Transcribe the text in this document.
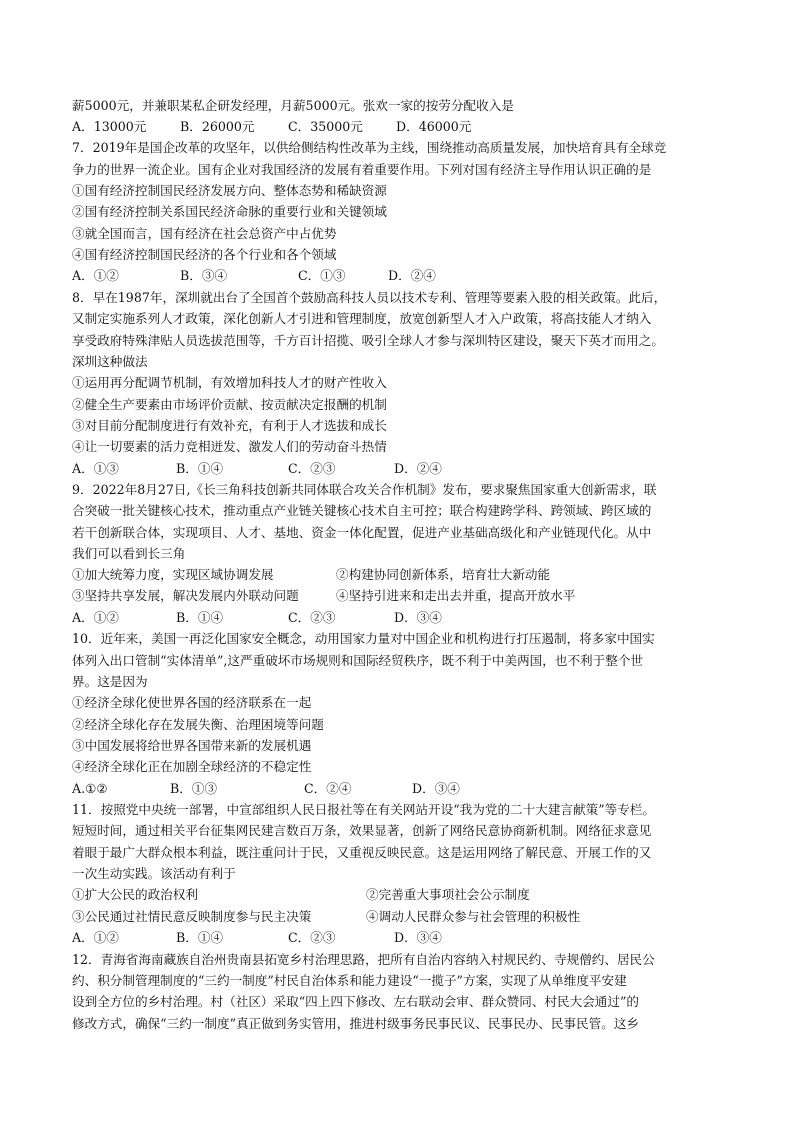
薪5000元，并兼职某私企研发经理，月薪5000元。张欢一家的按劳分配收入是
A．13000元	B．26000元	C．35000元	D．46000元
7．2019年是国企改革的攻坚年，以供给侧结构性改革为主线，围绕推动高质量发展，加快培育具有全球竞
争力的世界一流企业。国有企业对我国经济的发展有着重要作用。下列对国有经济主导作用认识正确的是
①国有经济控制国民经济发展方向、整体态势和稀缺资源
②国有经济控制关系国民经济命脉的重要行业和关键领域
③就全国而言，国有经济在社会总资产中占优势
④国有经济控制国民经济的各个行业和各个领域
A．①②	B．③④	C．①③	D．②④
8．早在1987年，深圳就出台了全国首个鼓励高科技人员以技术专利、管理等要素入股的相关政策。此后，
又制定实施系列人才政策，深化创新人才引进和管理制度，放宽创新型人才入户政策，将高技能人才纳入
享受政府特殊津贴人员选拔范围等，千方百计招揽、吸引全球人才参与深圳特区建设，聚天下英才而用之。
深圳这种做法
①运用再分配调节机制，有效增加科技人才的财产性收入
②健全生产要素由市场评价贡献、按贡献决定报酬的机制
③对目前分配制度进行有效补充，有利于人才选拔和成长
④让一切要素的活力竞相迸发、激发人们的劳动奋斗热情
A．①③	B．①④	C．②③	D．②④
9．2022年8月27日,《长三角科技创新共同体联合攻关合作机制》发布，要求聚焦国家重大创新需求，联
合突破一批关键核心技术，推动重点产业链关键核心技术自主可控；联合构建跨学科、跨领域、跨区域的
若干创新联合体，实现项目、人才、基地、资金一体化配置，促进产业基础高级化和产业链现代化。从中
我们可以看到长三角
①加大统筹力度，实现区域协调发展	②构建协同创新体系，培育壮大新动能
③坚持共享发展，解决发展内外联动问题	④坚持引进来和走出去并重，提高开放水平
A．①②	B．①④	C．②③	D．③④
10．近年来，美国一再泛化国家安全概念，动用国家力量对中国企业和机构进行打压遏制，将多家中国实
体列入出口管制“实体清单”,这严重破坏市场规则和国际经贸秩序，既不利于中美两国，也不利于整个世
界。这是因为
①经济全球化使世界各国的经济联系在一起
②经济全球化存在发展失衡、治理困境等问题
③中国发展将给世界各国带来新的发展机遇
④经济全球化正在加剧全球经济的不稳定性
A.①②	B．①③	C．②④	D．③④
11．按照党中央统一部署，中宣部组织人民日报社等在有关网站开设“我为党的二十大建言献策”等专栏。
短短时间，通过相关平台征集网民建言数百万条，效果显著，创新了网络民意协商新机制。网络征求意见
着眼于最广大群众根本利益，既注重问计于民，又重视反映民意。这是运用网络了解民意、开展工作的又
一次生动实践。该活动有利于
①扩大公民的政治权利	②完善重大事项社会公示制度
③公民通过社情民意反映制度参与民主决策	④调动人民群众参与社会管理的积极性
A．①②	B．①④	C．②③	D．③④
12．青海省海南藏族自治州贵南县拓宽乡村治理思路，把所有自治内容纳入村规民约、寺规僧约、居民公
约、积分制管理制度的“三约一制度”村民自治体系和能力建设“一揽子”方案，实现了从单维度平安建
设到全方位的乡村治理。村（社区）采取“四上四下修改、左右联动会审、群众赞同、村民大会通过”的
修改方式，确保“三约一制度”真正做到务实管用，推进村级事务民事民议、民事民办、民事民管。这乡
